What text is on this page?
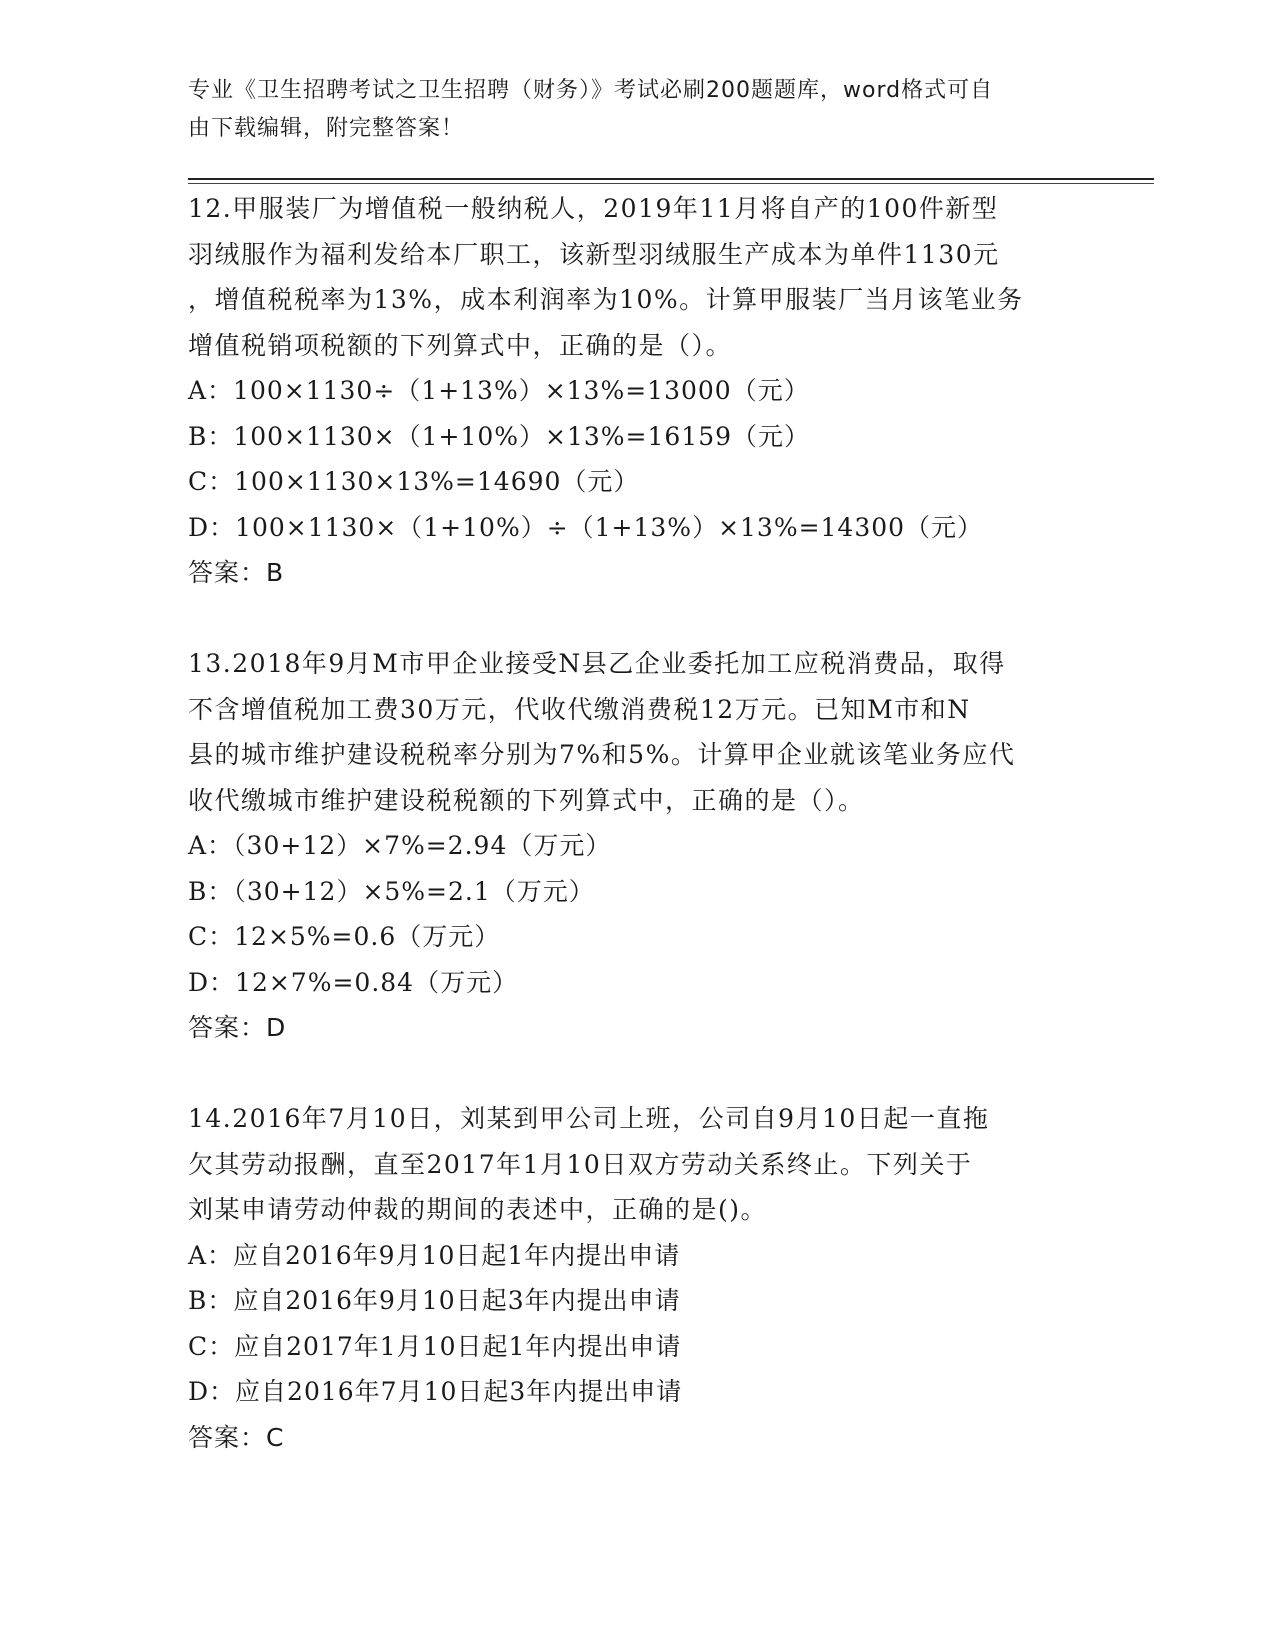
专业《卫生招聘考试之卫生招聘（财务）》考试必刷200题题库，word格式可自
由下载编辑，附完整答案！

12.甲服装厂为增值税一般纳税人，2019年11月将自产的100件新型

羽绒服作为福利发给本厂职工，该新型羽绒服生产成本为单件1130元

，增值税税率为13%，成本利润率为10%。计算甲服装厂当月该笔业务

增值税销项税额的下列算式中，正确的是（）。

A：100×1130÷（1+13%）×13%=13000（元）

B：100×1130×（1+10%）×13%=16159（元）

C：100×1130×13%=14690（元）

D：100×1130×（1+10%）÷（1+13%）×13%=14300（元）

答案：B

13.2018年9月M市甲企业接受N县乙企业委托加工应税消费品，取得

不含增值税加工费30万元，代收代缴消费税12万元。已知M市和N

县的城市维护建设税税率分别为7%和5%。计算甲企业就该笔业务应代

收代缴城市维护建设税税额的下列算式中，正确的是（）。

A：（30+12）×7%=2.94（万元）

B：（30+12）×5%=2.1（万元）

C：12×5%=0.6（万元）

D：12×7%=0.84（万元）

答案：D

14.2016年7月10日，刘某到甲公司上班，公司自9月10日起一直拖

欠其劳动报酬，直至2017年1月10日双方劳动关系终止。下列关于

刘某申请劳动仲裁的期间的表述中，正确的是()。

A：应自2016年9月10日起1年内提出申请

B：应自2016年9月10日起3年内提出申请

C：应自2017年1月10日起1年内提出申请

D：应自2016年7月10日起3年内提出申请

答案：C
